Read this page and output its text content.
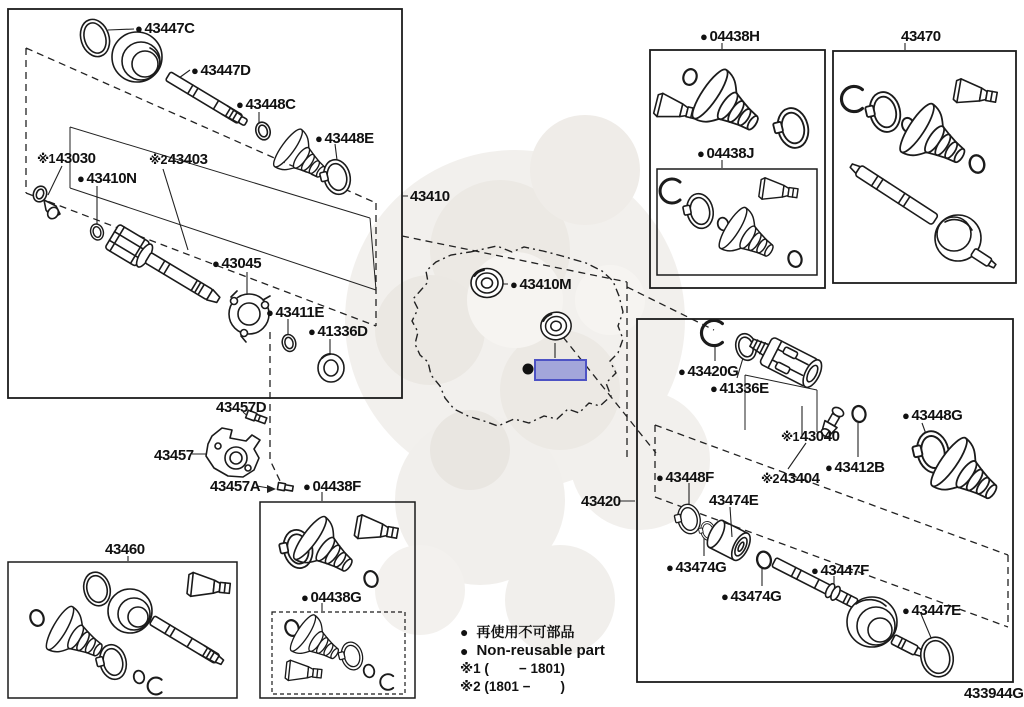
● 43447C
● 43447D
● 43448C
● 43448E
※1 43030
● 43410N
※2 43403
● 43045
● 43411E
● 41336D
43410
● 43410M
● 04438H
● 04438J
43470
● 43420G
● 41336E
● 43448G
※1 43040
● 43412B
● 43448F	※2 43404
43474E
● 43474G
● 43474G
● 43447F
● 43447E
43420
43457D
43457
43457A	● 04438F
● 04438G
43460
● 再使用不可部品
● Non-reusable part
※1 (        − 1801)
※2 (1801 −        )	433944G
